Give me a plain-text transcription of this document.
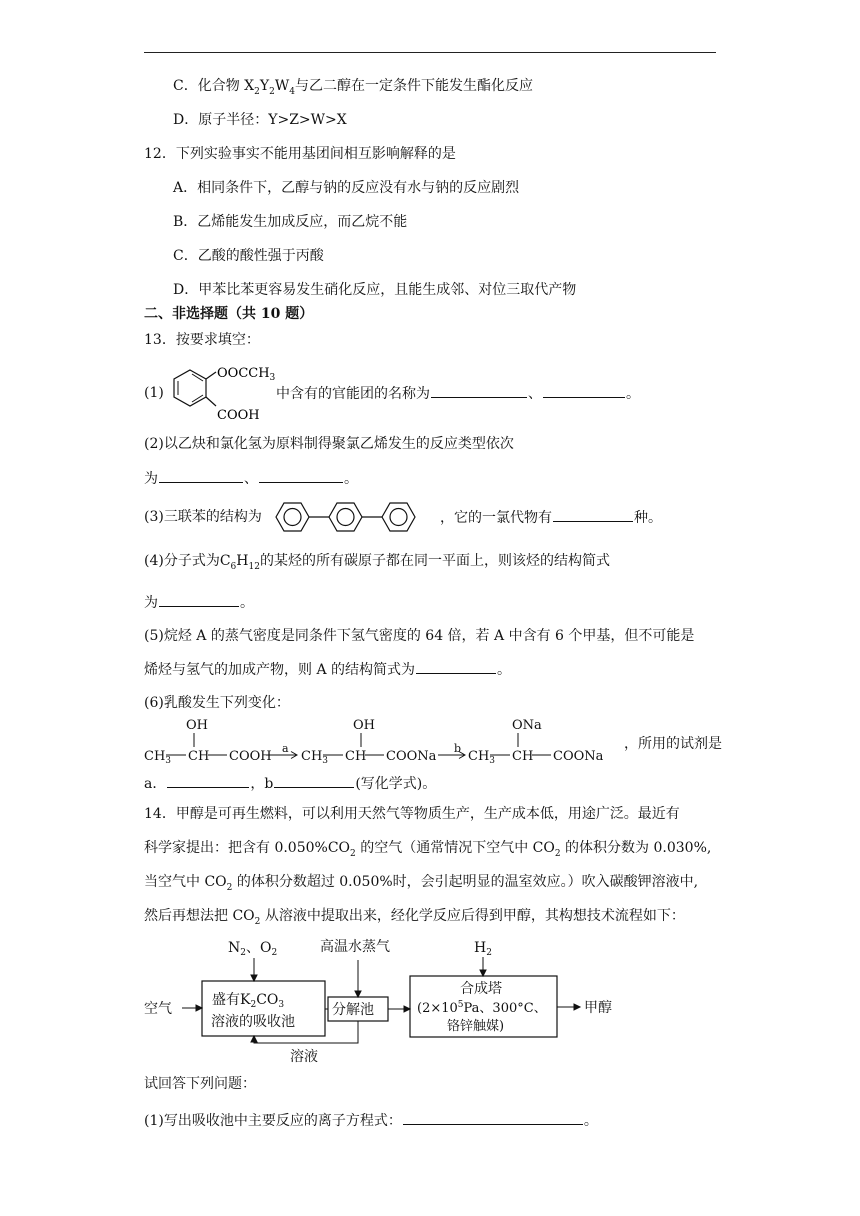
C．化合物 $X_2Y_2W_4$与乙二醇在一定条件下能发生酯化反应
D．原子半径：Y>Z>W>X
12．下列实验事实不能用基团间相互影响解释的是
A．相同条件下，乙醇与钠的反应没有水与钠的反应剧烈
B．乙烯能发生加成反应，而乙烷不能
C．乙酸的酸性强于丙酸
D．甲苯比苯更容易发生硝化反应，且能生成邻、对位三取代产物
二、非选择题（共 10 题）
13．按要求填空：
(1)
$OOCCH_3$
COOH
中含有的官能团的名称为	、	。
(2)以乙炔和氯化氢为原料制得聚氯乙烯发生的反应类型依次
为	、	。
(3)三联苯的结构为	，它的一氯代物有	种。
(4)分子式为$C_6H_{12}$的某烃的所有碳原子都在同一平面上，则该烃的结构简式
为	。
(5)烷烃 A 的蒸气密度是同条件下氢气密度的 64 倍，若 A 中含有 6 个甲基，但不可能是
烯烃与氢气的加成产物，则 A 的结构简式为	。
(6)乳酸发生下列变化：
OH
$CH_3$ CH COOH
a
OH
$CH_3$ CH COONa
b
ONa
$CH_3$ CH COONa
，所用的试剂是
a．	，b	(写化学式)。
14．甲醇是可再生燃料，可以利用天然气等物质生产，生产成本低，用途广泛。最近有
科学家提出：把含有 $0.050\%CO_2$ 的空气（通常情况下空气中 $CO_2$ 的体积分数为 0.030%,
当空气中 $CO_2$ 的体积分数超过 0.050%时，会引起明显的温室效应。）吹入碳酸钾溶液中,
然后再想法把 $CO_2$ 从溶液中提取出来，经化学反应后得到甲醇，其构想技术流程如下：
$N_2$、$O_2$	高温水蒸气	$H_2$
空气
盛有$K_2CO_3$
溶液的吸收池
分解池
合成塔
($2\times 10^5Pa$、300°C、
铬锌触媒)
甲醇
溶液
试回答下列问题：
(1)写出吸收池中主要反应的离子方程式：	。
